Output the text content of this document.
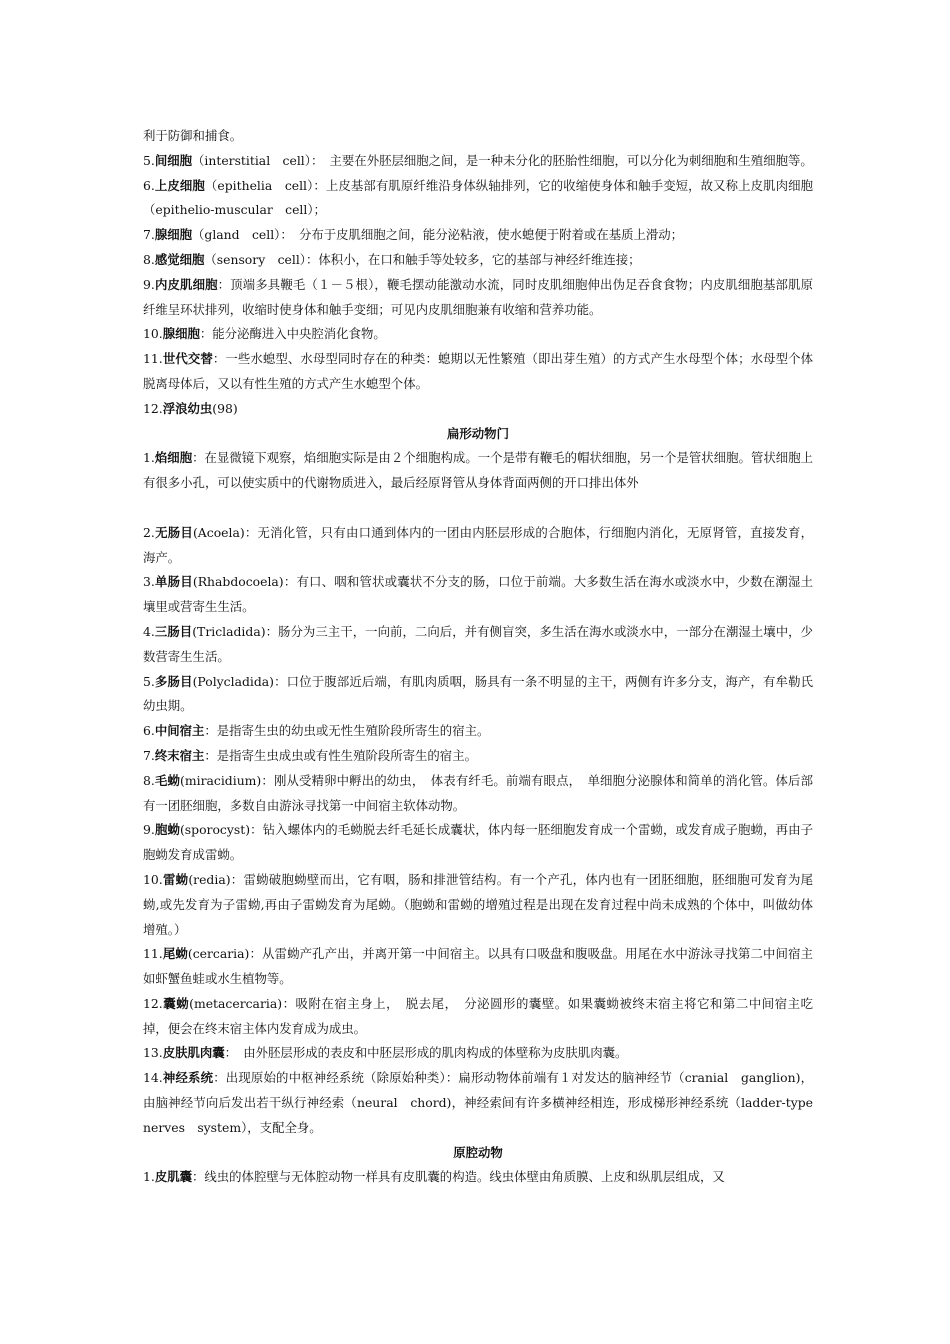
利于防御和捕食。

5.间细胞（interstitial　cell）：　主要在外胚层细胞之间，是一种未分化的胚胎性细胞，可以分化为刺细胞和生殖细胞等。

6.上皮细胞（epithelia　cell）：上皮基部有肌原纤维沿身体纵轴排列，它的收缩使身体和触手变短，故又称上皮肌肉细胞（epithelio-muscular　cell）；

7.腺细胞（gland　cell）：　分布于皮肌细胞之间，能分泌粘液，使水螅便于附着或在基质上滑动；

8.感觉细胞（sensory　cell）：体积小，在口和触手等处较多，它的基部与神经纤维连接；

9.内皮肌细胞：顶端多具鞭毛（１－５根），鞭毛摆动能激动水流，同时皮肌细胞伸出伪足吞食食物；内皮肌细胞基部肌原纤维呈环状排列，收缩时使身体和触手变细；可见内皮肌细胞兼有收缩和营养功能。

10.腺细胞：能分泌酶进入中央腔消化食物。

11.世代交替：一些水螅型、水母型同时存在的种类：螅期以无性繁殖（即出芽生殖）的方式产生水母型个体；水母型个体脱离母体后，又以有性生殖的方式产生水螅型个体。

12.浮浪幼虫(98)

扁形动物门

1.焰细胞：在显微镜下观察，焰细胞实际是由２个细胞构成。一个是带有鞭毛的帽状细胞，另一个是管状细胞。管状细胞上有很多小孔，可以使实质中的代谢物质进入，最后经原肾管从身体背面两侧的开口排出体外

2.无肠目(Acoela)：无消化管，只有由口通到体内的一团由内胚层形成的合胞体，行细胞内消化，无原肾管，直接发育，海产。

3.单肠目(Rhabdocoela)：有口、咽和管状或囊状不分支的肠，口位于前端。大多数生活在海水或淡水中，少数在潮湿土壤里或营寄生生活。

4.三肠目(Tricladida)：肠分为三主干，一向前，二向后，并有侧盲突，多生活在海水或淡水中，一部分在潮湿土壤中，少数营寄生生活。

5.多肠目(Polycladida)：口位于腹部近后端，有肌肉质咽，肠具有一条不明显的主干，两侧有许多分支，海产，有牟勒氏幼虫期。

6.中间宿主：是指寄生虫的幼虫或无性生殖阶段所寄生的宿主。

7.终末宿主：是指寄生虫成虫或有性生殖阶段所寄生的宿主。

8.毛蚴(miracidium)：刚从受精卵中孵出的幼虫，　体表有纤毛。前端有眼点，　单细胞分泌腺体和简单的消化管。体后部有一团胚细胞，多数自由游泳寻找第一中间宿主软体动物。

9.胞蚴(sporocyst)：钻入螺体内的毛蚴脱去纤毛延长成囊状，体内每一胚细胞发育成一个雷蚴，或发育成子胞蚴，再由子胞蚴发育成雷蚴。

10.雷蚴(redia)：雷蚴破胞蚴壁而出，它有咽，肠和排泄管结构。有一个产孔，体内也有一团胚细胞，胚细胞可发育为尾蚴,或先发育为子雷蚴,再由子雷蚴发育为尾蚴。（胞蚴和雷蚴的增殖过程是出现在发育过程中尚未成熟的个体中，叫做幼体增殖。）

11.尾蚴(cercaria)：从雷蚴产孔产出，并离开第一中间宿主。以具有口吸盘和腹吸盘。用尾在水中游泳寻找第二中间宿主如虾蟹鱼蛙或水生植物等。

12.囊蚴(metacercaria)：吸附在宿主身上，　脱去尾，　分泌圆形的囊壁。如果囊蚴被终末宿主将它和第二中间宿主吃掉，便会在终末宿主体内发育成为成虫。

13.皮肤肌肉囊：　由外胚层形成的表皮和中胚层形成的肌肉构成的体壁称为皮肤肌肉囊。

14.神经系统：出现原始的中枢神经系统（除原始种类）：扁形动物体前端有１对发达的脑神经节（cranial　ganglion)，由脑神经节向后发出若干纵行神经索（neural　chord)，神经索间有许多横神经相连，形成梯形神经系统（ladder-type　nerves　system），支配全身。

原腔动物

1.皮肌囊：线虫的体腔壁与无体腔动物一样具有皮肌囊的构造。线虫体壁由角质膜、上皮和纵肌层组成，又
